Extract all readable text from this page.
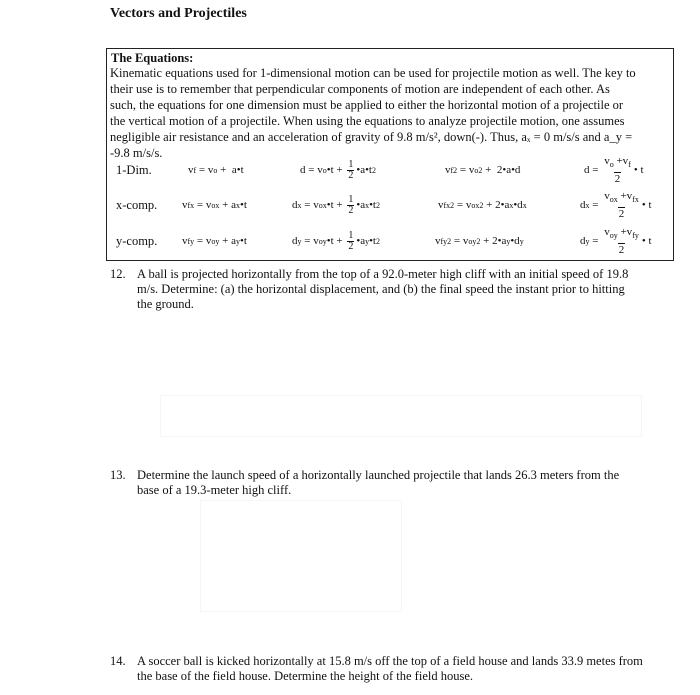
Vectors and Projectiles
The Equations:
Kinematic equations used for 1-dimensional motion can be used for projectile motion as well. The key to
their use is to remember that perpendicular components of motion are independent of each other. As
such, the equations for one dimension must be applied to either the horizontal motion of a projectile or
the vertical motion of a projectile. When using the equations to analyze projectile motion, one assumes
negligible air resistance and an acceleration of gravity of 9.8 m/s², down(-). Thus, aₓ = 0 m/s/s and a_y =
-9.8 m/s/s.
1-Dim.	v f = v o +  a•t	d = v o •t + $\frac{1}{2}$ •a•t 2	v f 2 = v o 2 +  2•a•d	$d = \frac{v_o +v_f}{2}$ • t
x-comp. v fx = v ox + a x •t	d x = v ox •t + $\frac{1}{2}$ •a x •t 2	v fx 2 = v ox 2 + 2•a x •d x	d $x = \frac{v_{ox} +v_{fx}}{2}$ • t
y-comp. v fy = v oy + a y •t	d y = v oy •t + $\frac{1}{2}$ •a y •t 2	v fy 2 = v oy 2 + 2•a y •d y	d $y = \frac{v_{oy} +v_{fy}}{2}$ • t
12. A ball is projected horizontally from the top of a 92.0-meter high cliff with an initial speed of 19.8
m/s. Determine: (a) the horizontal displacement, and (b) the final speed the instant prior to hitting
the ground.
13. Determine the launch speed of a horizontally launched projectile that lands 26.3 meters from the
base of a 19.3-meter high cliff.
14. A soccer ball is kicked horizontally at 15.8 m/s off the top of a field house and lands 33.9 metes from
the base of the field house. Determine the height of the field house.
